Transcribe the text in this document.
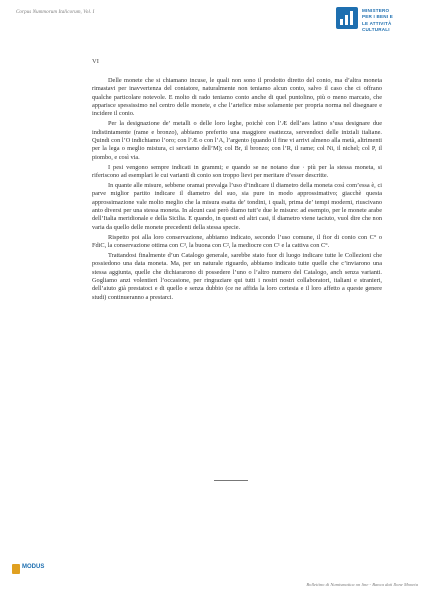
Corpus Nummorum Italicorum, Vol. I	MINISTERO
PER I BENI E
LE ATTIVITÀ
CULTURALI
VI

Delle monete che si chiamano incuse, le quali non sono il prodotto diretto del conio, ma d’altra moneta rimastavi per inavvertenza del coniatore, naturalmente non teniamo alcun conto, salvo il caso che ci offrano qualche particolare notevole. E molto di rado teniamo conto anche di quel puntolino, più o meno marcato, che apparisce spessissimo nel centro delle monete, e che l’artefice mise solamente per propria norma nel disegnare e incidere il conio.

Per la designazione de’ metalli o delle loro leghe, poichè con l’Æ dell’aes latino s’usa designare due indistintamente (rame e bronzo), abbiamo preferito una maggiore esattezza, servendoci delle iniziali italiane. Quindi con l’O indichiamo l’oro; con l’Æ o con l’A, l’argento (quando il fine vi arrivi almeno alla metà, altrimenti per la lega o meglio mistura, ci serviamo dell’M); col Br, il bronzo; con l’R, il rame; col Ni, il nichel; col P, il piombo, e così via.

I pesi vengono sempre indicati in grammi; e quando se ne notano due · più per la stessa moneta, si riferiscono ad esemplari le cui varianti di conio son troppo lievi per meritare d’esser descritte.

In quante alle misure, sebbene oramai prevalga l’uso d’indicare il diametro della moneta così com’essa è, ci parve miglior partito indicare il diametro del suo, sia pure in modo approssimativo; giacchè questa approssimazione vale molto meglio che la misura esatta de’ tondini, i quali, prima de’ tempi moderni, riuscivano anto diversi per una stessa moneta. In alcuni casi però diamo tutt’e due le misure: ad esempio, per le monete arabe dell’Italia meridionale e della Sicilia. E quando, in questi ed altri casi, il diametro viene taciuto, vuol dire che non varia da quello delle monete precedenti della stessa specie.

Rispetto poi alla loro conservazione, abbiamo indicato, secondo l’uso comune, il fior di conio con C° o FdiC, la conservazione ottima con C³, la buona con C², la mediocre con C¹ e la cattiva con C°.

Trattandosi finalmente d’un Catalogo generale, sarebbe stato fuor di luogo indicare tutte le Collezioni che possiedono una data moneta. Ma, per un naturale riguardo, abbiamo indicato tutte quelle che c’inviarono una stessa aggiunta, quelle che dichiararono di possedere l’uno o l’altro numero del Catalogo, anch senza varianti. Gogliamo anzi volentieri l’occasione, per ringraziare qui tutti i nostri nostri collaboratori, italiani e stranieri, dell’aiuto già prestatoci e di quello e senza dubbio (ce ne affida la loro cortesia e il loro affetto a queste genere studi) continueranno a prestarci.

MODUS
Bollettino di Numismatica on line - Banca dati Ilone Moneta
